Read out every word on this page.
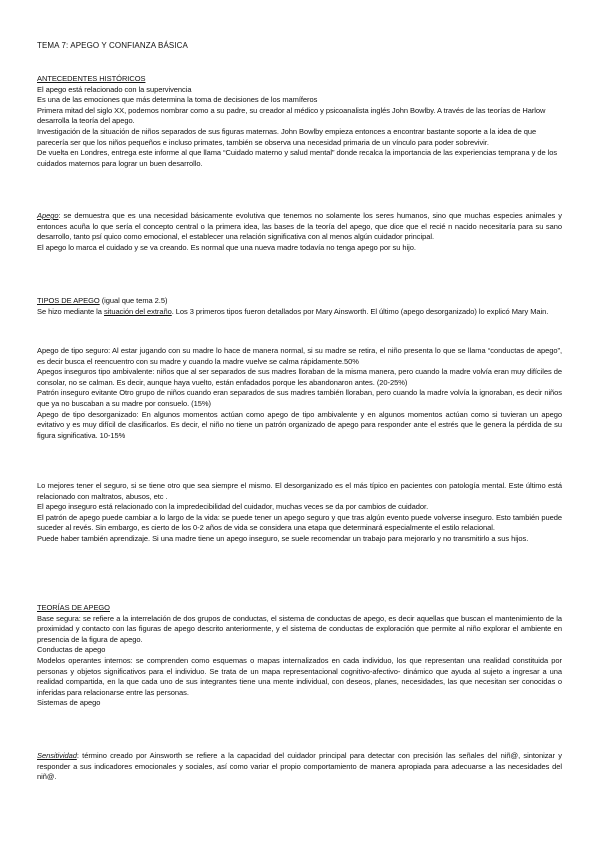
TEMA 7: APEGO Y CONFIANZA BÁSICA

ANTECEDENTES HISTÓRICOS

El apego está relacionado con la supervivencia

Es una de las emociones que más determina la toma de decisiones de los mamíferos

Primera mitad del siglo XX, podemos nombrar como a su padre, su creador al médico y psicoanalista inglés John Bowlby. A través de las teorías de Harlow desarrolla la teoría del apego.

Investigación de la situación de niños separados de sus figuras maternas. John Bowlby empieza entonces a encontrar bastante soporte a la idea de que parecería ser que los niños pequeños e incluso primates, también se observa una necesidad primaria de un vínculo para poder sobrevivir.

De vuelta en Londres, entrega este informe al que llama “Cuidado materno y salud mental” donde recalca la importancia de las experiencias temprana y de los cuidados maternos para lograr un buen desarrollo.

Apego: se demuestra que es una necesidad básicamente evolutiva que tenemos no solamente los seres humanos, sino que muchas especies animales y entonces acuña lo que sería el concepto central o la primera idea, las bases de la teoría del apego, que dice que el recié n nacido necesitaría para su sano desarrollo, tanto psí quico como emocional, el establecer una relación significativa con al menos algún cuidador principal.

El apego lo marca el cuidado y se va creando. Es normal que una nueva madre todavía no tenga apego por su hijo.

TIPOS DE APEGO (igual que tema 2.5)

Se hizo mediante la situación del extraño. Los 3 primeros tipos fueron detallados por Mary Ainsworth. El último (apego desorganizado) lo explicó Mary Main.

Apego de tipo seguro: Al estar jugando con su madre lo hace de manera normal, si su madre se retira, el niño presenta lo que se llama “conductas de apego”, es decir busca el reencuentro con su madre y cuando la madre vuelve se calma rápidamente.50%

Apegos inseguros tipo ambivalente: niños que al ser separados de sus madres lloraban de la misma manera, pero cuando la madre volvía eran muy difíciles de consolar, no se calman. Es decir, aunque haya vuelto, están enfadados porque les abandonaron antes. (20-25%)

Patrón inseguro evitante Otro grupo de niños cuando eran separados de sus madres también lloraban, pero cuando la madre volvía la ignoraban, es decir niños que ya no buscaban a su madre por consuelo. (15%)

Apego de tipo desorganizado: En algunos momentos actúan como apego de tipo ambivalente y en algunos momentos actúan como si tuvieran un apego evitativo y es muy difícil de clasificarlos. Es decir, el niño no tiene un patrón organizado de apego para responder ante el estrés que le genera la pérdida de su figura significativa. 10-15%

Lo mejores tener el seguro, si se tiene otro que sea siempre el mismo. El desorganizado es el más típico en pacientes con patología mental. Este último está relacionado con maltratos, abusos, etc .

El apego inseguro está relacionado con la impredecibilidad del cuidador, muchas veces se da por cambios de cuidador.

El patrón de apego puede cambiar a lo largo de la vida: se puede tener un apego seguro y que tras algún evento puede volverse inseguro. Esto también puede suceder al revés. Sin embargo, es cierto de los 0-2 años de vida se considera una etapa que determinará especialmente el estilo relacional.

Puede haber también aprendizaje. Si una madre tiene un apego inseguro, se suele recomendar un trabajo para mejorarlo y no transmitirlo a sus hijos.

TEORÍAS DE APEGO

Base segura: se refiere a la interrelación de dos grupos de conductas, el sistema de conductas de apego, es decir aquellas que buscan el mantenimiento de la proximidad y contacto con las figuras de apego descrito anteriormente, y el sistema de conductas de exploración que permite al niño explorar el ambiente en presencia de la figura de apego.

Conductas de apego

Modelos operantes internos: se comprenden como esquemas o mapas internalizados en cada individuo, los que representan una realidad constituida por personas y objetos significativos para el individuo. Se trata de un mapa representacional cognitivo-afectivo- dinámico que ayuda al sujeto a ingresar a una realidad compartida, en la que cada uno de sus integrantes tiene una mente individual, con deseos, planes, necesidades, las que necesitan ser conocidas o inferidas para relacionarse entre las personas.

Sistemas de apego

Sensitividad: término creado por Ainsworth se refiere a la capacidad del cuidador principal para detectar con precisión las señales del niñ@, sintonizar y responder a sus indicadores emocionales y sociales, así como variar el propio comportamiento de manera apropiada para adecuarse a las necesidades del niñ@.
